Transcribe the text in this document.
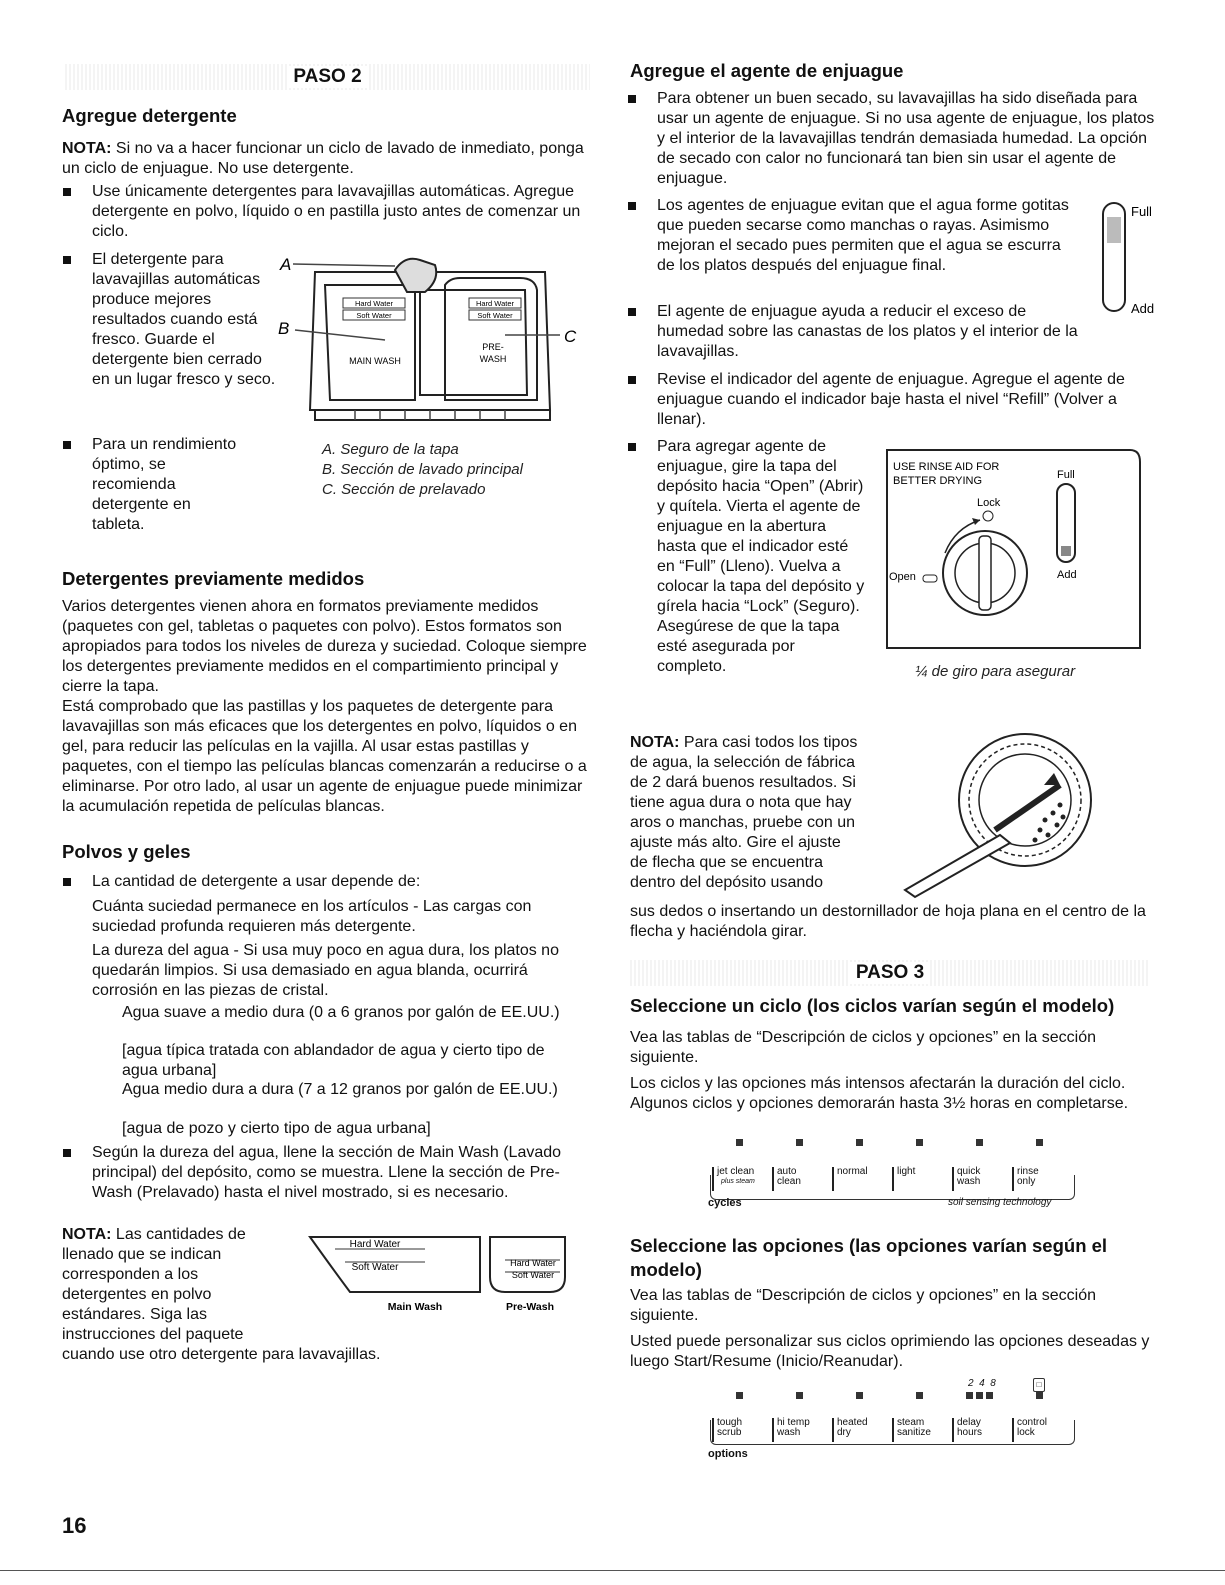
PASO 2
Agregue detergente

NOTA: Si no va a hacer funcionar un ciclo de lavado de inmediato, ponga un ciclo de enjuague. No use detergente.

Use únicamente detergentes para lavavajillas automáticas. Agregue detergente en polvo, líquido o en pastilla justo antes de comenzar un ciclo.
El detergente para lavavajillas automáticas produce mejores resultados cuando está fresco. Guarde el detergente bien cerrado en un lugar fresco y seco.
Para un rendimiento óptimo, se recomienda detergente en tableta.
Hard Water
Soft Water
Hard Water
Soft Water
MAIN WASH
PRE-
WASH
A
B	C
A. Seguro de la tapa
B. Sección de lavado principal
C. Sección de prelavado
Detergentes previamente medidos

Varios detergentes vienen ahora en formatos previamente medidos (paquetes con gel, tabletas o paquetes con polvo). Estos formatos son apropiados para todos los niveles de dureza y suciedad. Coloque siempre los detergentes previamente medidos en el compartimiento principal y cierre la tapa.

Está comprobado que las pastillas y los paquetes de detergente para lavavajillas son más eficaces que los detergentes en polvo, líquidos o en gel, para reducir las películas en la vajilla. Al usar estas pastillas y paquetes, con el tiempo las películas blancas comenzarán a reducirse o a eliminarse. Por otro lado, al usar un agente de enjuague puede minimizar la acumulación repetida de películas blancas.

Polvos y geles
La cantidad de detergente a usar depende de:

Cuánta suciedad permanece en los artículos - Las cargas con suciedad profunda requieren más detergente.

La dureza del agua - Si usa muy poco en agua dura, los platos no quedarán limpios. Si usa demasiado en agua blanda, ocurrirá corrosión en las piezas de cristal.

Agua suave a medio dura (0 a 6 granos por galón de EE.UU.)

[agua típica tratada con ablandador de agua y cierto tipo de agua urbana]

Agua medio dura a dura (7 a 12 granos por galón de EE.UU.)

[agua de pozo y cierto tipo de agua urbana]

Según la dureza del agua, llene la sección de Main Wash (Lavado principal) del depósito, como se muestra. Llene la sección de Pre-Wash (Prelavado) hasta el nivel mostrado, si es necesario.

NOTA: Las cantidades de
llenado que se indican
corresponden a los
detergentes en polvo
estándares. Siga las
instrucciones del paquete
cuando use otro detergente para lavavajillas.

Hard Water
Soft Water	Hard Water
Soft Water
Main Wash	Pre-Wash
Agregue el agente de enjuague
Para obtener un buen secado, su lavavajillas ha sido diseñada para usar un agente de enjuague. Si no usa agente de enjuague, los platos y el interior de la lavavajillas tendrán demasiada humedad. La opción de secado con calor no funcionará tan bien sin usar el agente de enjuague.
Los agentes de enjuague evitan que el agua forme gotitas que pueden secarse como manchas o rayas. Asimismo mejoran el secado pues permiten que el agua se escurra de los platos después del enjuague final.
El agente de enjuague ayuda a reducir el exceso de humedad sobre las canastas de los platos y el interior de la lavavajillas.
Revise el indicador del agente de enjuague. Agregue el agente de enjuague cuando el indicador baje hasta el nivel “Refill” (Volver a llenar).
Para agregar agente de enjuague, gire la tapa del depósito hacia “Open” (Abrir) y quítela. Vierta el agente de enjuague en la abertura hasta que el indicador esté en “Full” (Lleno). Vuelva a colocar la tapa del depósito y gírela hacia “Lock” (Seguro). Asegúrese de que la tapa esté asegurada por completo.
Full
Add
USE RINSE AID FOR
BETTER DRYING
Lock
Open
Full
Add
¼ de giro para asegurar

NOTA: Para casi todos los tipos de agua, la selección de fábrica de 2 dará buenos resultados. Si tiene agua dura o nota que hay aros o manchas, pruebe con un ajuste más alto. Gire el ajuste de flecha que se encuentra dentro del depósito usando

sus dedos o insertando un destornillador de hoja plana en el centro de la flecha y haciéndola girar.

PASO 3
Seleccione un ciclo (los ciclos varían según el modelo)

Vea las tablas de “Descripción de ciclos y opciones” en la sección siguiente.

Los ciclos y las opciones más intensos afectarán la duración del ciclo. Algunos ciclos y opciones demorarán hasta 3½ horas en completarse.

jet clean
plus steam
auto
clean
normal	light	quick
wash
rinse
only
cycles	soil sensing technology
Seleccione las opciones (las opciones varían según el modelo)

Vea las tablas de “Descripción de ciclos y opciones” en la sección siguiente.

Usted puede personalizar sus ciclos oprimiendo las opciones deseadas y luego Start/Resume (Inicio/Reanudar).

2  4  8	□
tough
scrub
hi temp
wash
heated
dry
steam
sanitize
delay
hours
control
lock
options
16
